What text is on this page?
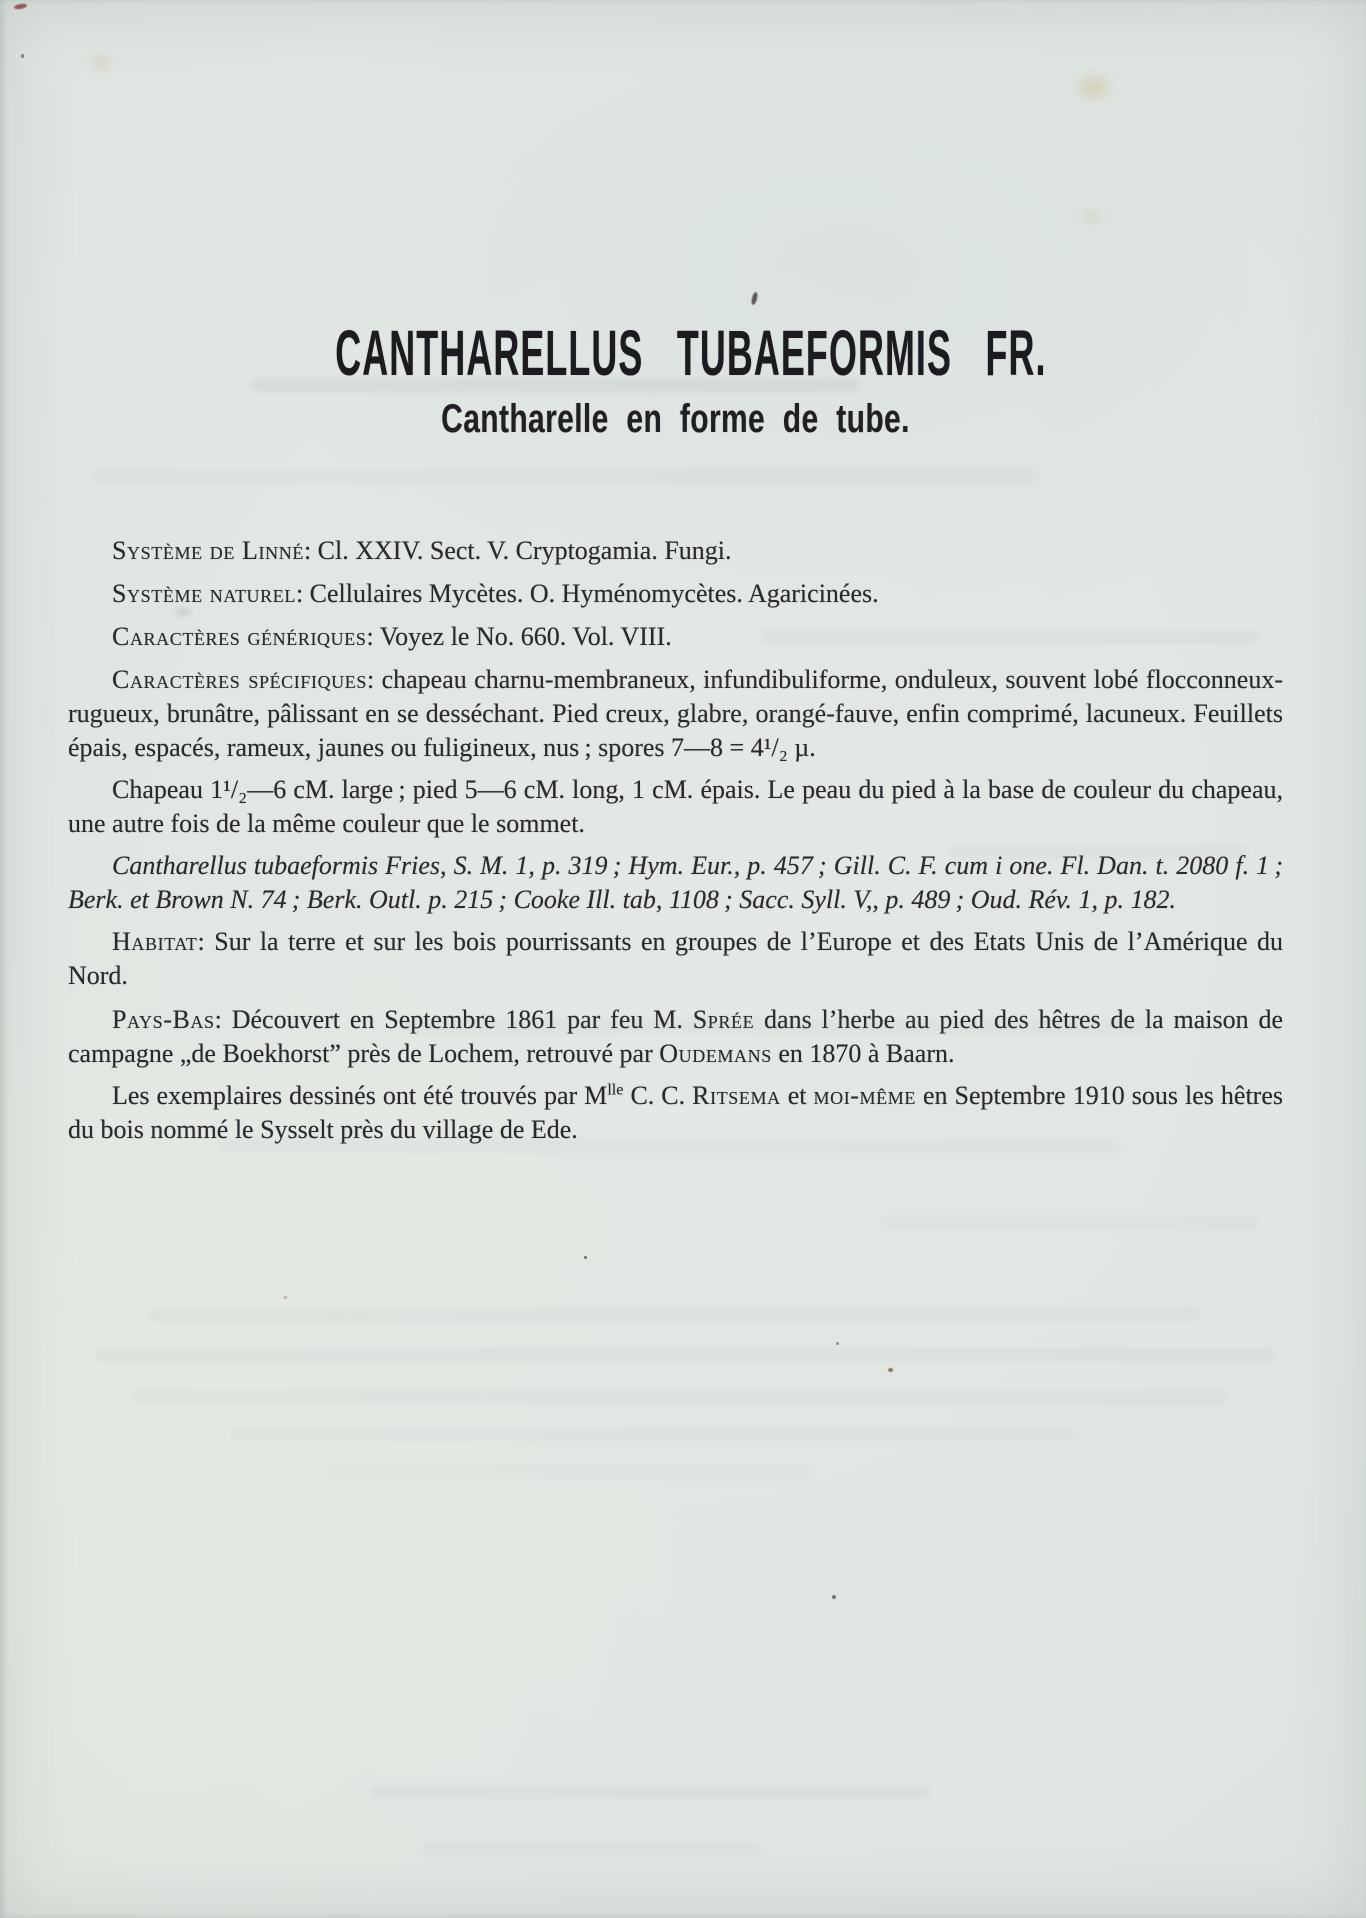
CANTHARELLUS TUBAEFORMIS FR.
Cantharelle en forme de tube.

Système de Linné: Cl. XXIV. Sect. V. Cryptogamia. Fungi.

Système naturel: Cellulaires Mycètes. O. Hyménomycètes. Agaricinées.

Caractères génériques: Voyez le No. 660. Vol. VIII.

Caractères spécifiques: chapeau charnu-membraneux, infundibuliforme, onduleux, souvent lobé flocconneux-rugueux, brunâtre, pâlissant en se desséchant. Pied creux, glabre, orangé-fauve, enfin comprimé, lacuneux. Feuillets épais, espacés, rameux, jaunes ou fuligineux, nus ; spores 7—8 = 4¹/₂ µ.

Chapeau 1¹/₂—6 cM. large ; pied 5—6 cM. long, 1 cM. épais. Le peau du pied à la base de couleur du chapeau, une autre fois de la même couleur que le sommet.

Cantharellus tubaeformis Fries, S. M. 1, p. 319 ; Hym. Eur., p. 457 ; Gill. C. F. cum i one. Fl. Dan. t. 2080 f. 1 ; Berk. et Brown N. 74 ; Berk. Outl. p. 215 ; Cooke Ill. tab, 1108 ; Sacc. Syll. V,, p. 489 ; Oud. Rév. 1, p. 182.

Habitat: Sur la terre et sur les bois pourrissants en groupes de l’Europe et des Etats Unis de l’Amérique du Nord.

Pays-Bas: Découvert en Septembre 1861 par feu M. Sprée dans l’herbe au pied des hêtres de la maison de campagne „de Boekhorst” près de Lochem, retrouvé par Oudemans en 1870 à Baarn.

Les exemplaires dessinés ont été trouvés par $M^{lle}$ C. C. Ritsema et moi-même en Septembre 1910 sous les hêtres du bois nommé le Sysselt près du village de Ede.
